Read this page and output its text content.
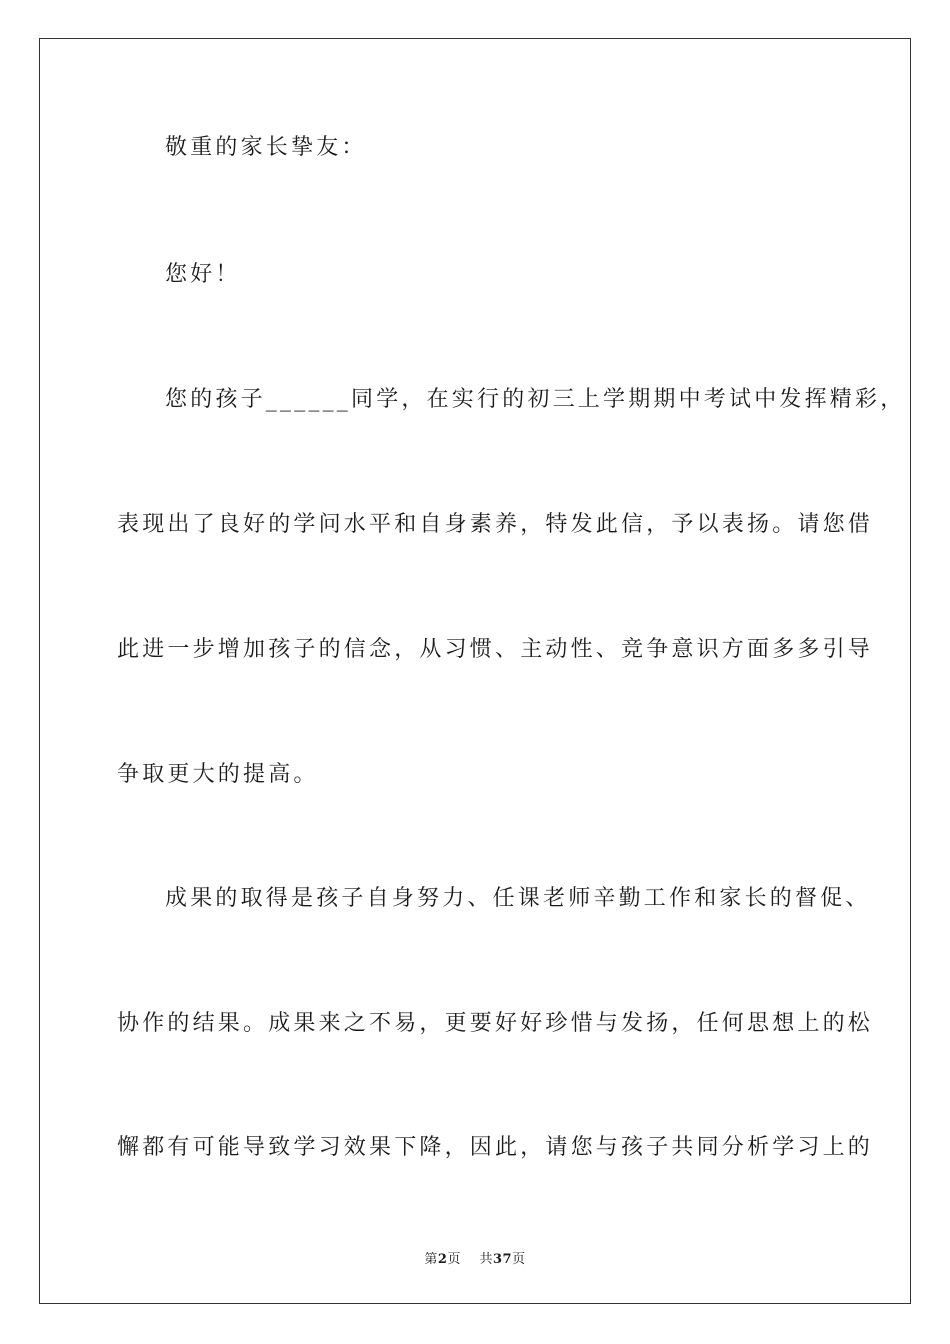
敬重的家长挚友：
您好！
您的孩子______同学，在实行的初三上学期期中考试中发挥精彩，
表现出了良好的学问水平和自身素养，特发此信，予以表扬。请您借
此进一步增加孩子的信念，从习惯、主动性、竞争意识方面多多引导
争取更大的提高。
成果的取得是孩子自身努力、任课老师辛勤工作和家长的督促、
协作的结果。成果来之不易，更要好好珍惜与发扬，任何思想上的松
懈都有可能导致学习效果下降，因此，请您与孩子共同分析学习上的
第2页 共37页
